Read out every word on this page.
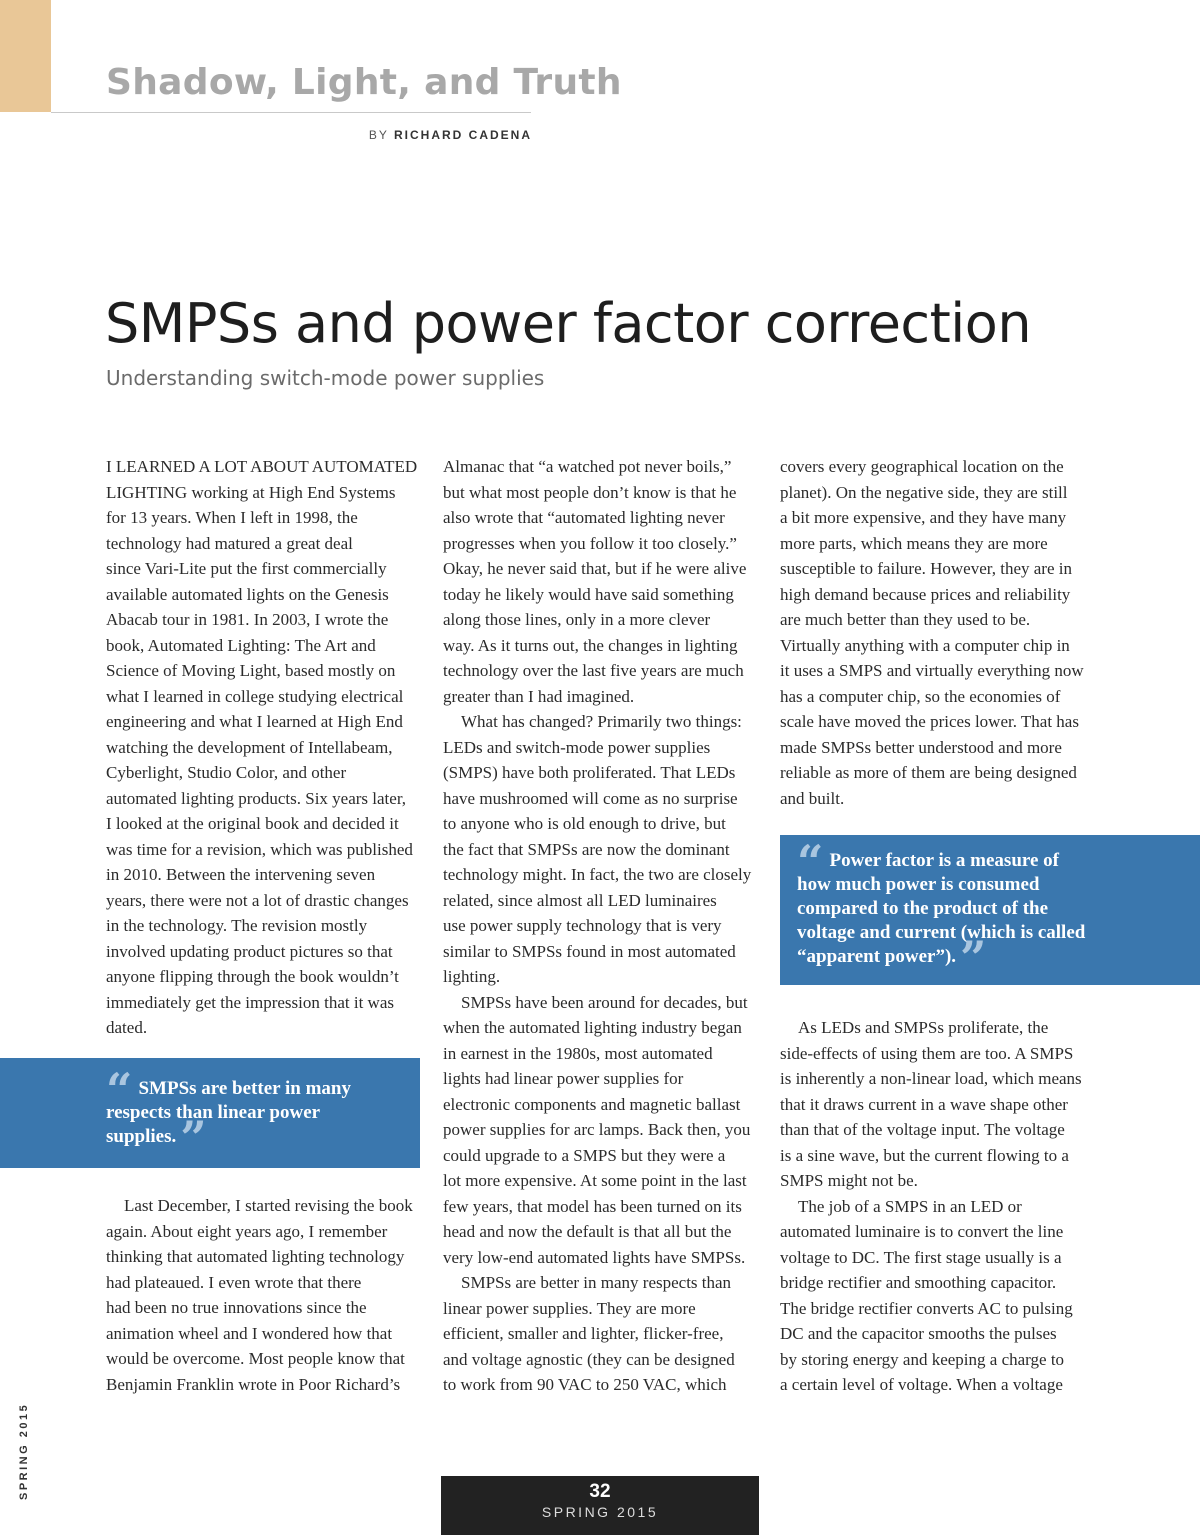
Shadow, Light, and Truth
BY RICHARD CADENA
SMPSs and power factor correction

Understanding switch-mode power supplies

I LEARNED A LOT ABOUT AUTOMATED
LIGHTING working at High End Systems
for 13 years. When I left in 1998, the
technology had matured a great deal
since Vari-Lite put the first commercially
available automated lights on the Genesis
Abacab tour in 1981. In 2003, I wrote the
book, Automated Lighting: The Art and
Science of Moving Light, based mostly on
what I learned in college studying electrical
engineering and what I learned at High End
watching the development of Intellabeam,
Cyberlight, Studio Color, and other
automated lighting products. Six years later,
I looked at the original book and decided it
was time for a revision, which was published
in 2010. Between the intervening seven
years, there were not a lot of drastic changes
in the technology. The revision mostly
involved updating product pictures so that
anyone flipping through the book wouldn’t
immediately get the impression that it was
dated.
“ SMPSs are better in many
respects than linear power
supplies.”
Last December, I started revising the book
again. About eight years ago, I remember
thinking that automated lighting technology
had plateaued. I even wrote that there
had been no true innovations since the
animation wheel and I wondered how that
would be overcome. Most people know that
Benjamin Franklin wrote in Poor Richard’s
Almanac that “a watched pot never boils,”
but what most people don’t know is that he
also wrote that “automated lighting never
progresses when you follow it too closely.”
Okay, he never said that, but if he were alive
today he likely would have said something
along those lines, only in a more clever
way. As it turns out, the changes in lighting
technology over the last five years are much
greater than I had imagined.
What has changed? Primarily two things:
LEDs and switch-mode power supplies
(SMPS) have both proliferated. That LEDs
have mushroomed will come as no surprise
to anyone who is old enough to drive, but
the fact that SMPSs are now the dominant
technology might. In fact, the two are closely
related, since almost all LED luminaires
use power supply technology that is very
similar to SMPSs found in most automated
lighting.
SMPSs have been around for decades, but
when the automated lighting industry began
in earnest in the 1980s, most automated
lights had linear power supplies for
electronic components and magnetic ballast
power supplies for arc lamps. Back then, you
could upgrade to a SMPS but they were a
lot more expensive. At some point in the last
few years, that model has been turned on its
head and now the default is that all but the
very low-end automated lights have SMPSs.
SMPSs are better in many respects than
linear power supplies. They are more
efficient, smaller and lighter, flicker-free,
and voltage agnostic (they can be designed
to work from 90 VAC to 250 VAC, which
covers every geographical location on the
planet). On the negative side, they are still
a bit more expensive, and they have many
more parts, which means they are more
susceptible to failure. However, they are in
high demand because prices and reliability
are much better than they used to be.
Virtually anything with a computer chip in
it uses a SMPS and virtually everything now
has a computer chip, so the economies of
scale have moved the prices lower. That has
made SMPSs better understood and more
reliable as more of them are being designed
and built.
“ Power factor is a measure of
how much power is consumed
compared to the product of the
voltage and current (which is called
“apparent power”).”
As LEDs and SMPSs proliferate, the
side-effects of using them are too. A SMPS
is inherently a non-linear load, which means
that it draws current in a wave shape other
than that of the voltage input. The voltage
is a sine wave, but the current flowing to a
SMPS might not be.
The job of a SMPS in an LED or
automated luminaire is to convert the line
voltage to DC. The first stage usually is a
bridge rectifier and smoothing capacitor.
The bridge rectifier converts AC to pulsing
DC and the capacitor smooths the pulses
by storing energy and keeping a charge to
a certain level of voltage. When a voltage
SPRING 2015	32
SPRING 2015
